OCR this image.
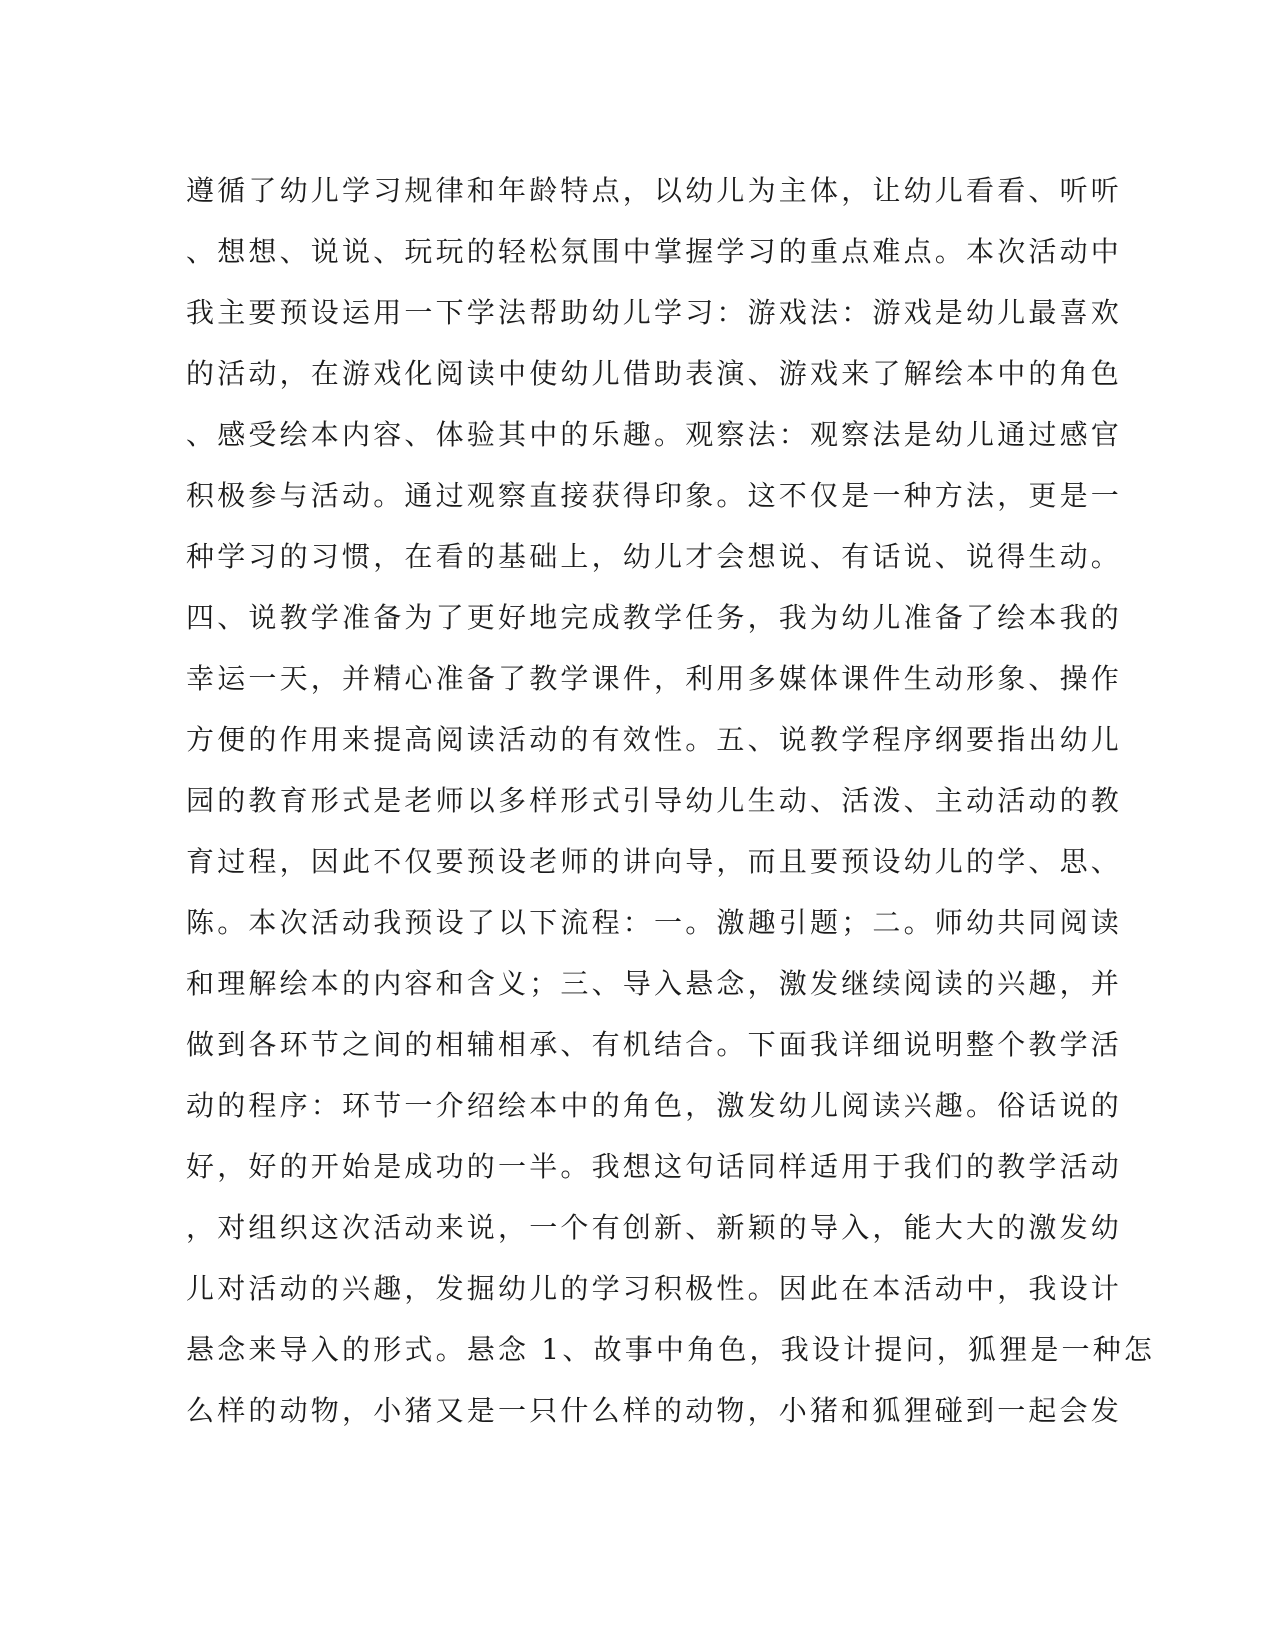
遵循了幼儿学习规律和年龄特点，以幼儿为主体，让幼儿看看、听听
、想想、说说、玩玩的轻松氛围中掌握学习的重点难点。本次活动中
我主要预设运用一下学法帮助幼儿学习：游戏法：游戏是幼儿最喜欢
的活动，在游戏化阅读中使幼儿借助表演、游戏来了解绘本中的角色
、感受绘本内容、体验其中的乐趣。观察法：观察法是幼儿通过感官
积极参与活动。通过观察直接获得印象。这不仅是一种方法，更是一
种学习的习惯，在看的基础上，幼儿才会想说、有话说、说得生动。
四、说教学准备为了更好地完成教学任务，我为幼儿准备了绘本我的
幸运一天，并精心准备了教学课件，利用多媒体课件生动形象、操作
方便的作用来提高阅读活动的有效性。五、说教学程序纲要指出幼儿
园的教育形式是老师以多样形式引导幼儿生动、活泼、主动活动的教
育过程，因此不仅要预设老师的讲向导，而且要预设幼儿的学、思、
陈。本次活动我预设了以下流程：一。激趣引题；二。师幼共同阅读
和理解绘本的内容和含义；三、导入悬念，激发继续阅读的兴趣，并
做到各环节之间的相辅相承、有机结合。下面我详细说明整个教学活
动的程序：环节一介绍绘本中的角色，激发幼儿阅读兴趣。俗话说的
好，好的开始是成功的一半。我想这句话同样适用于我们的教学活动
，对组织这次活动来说，一个有创新、新颖的导入，能大大的激发幼
儿对活动的兴趣，发掘幼儿的学习积极性。因此在本活动中，我设计
悬念来导入的形式。悬念 1、故事中角色，我设计提问，狐狸是一种怎
么样的动物，小猪又是一只什么样的动物，小猪和狐狸碰到一起会发
